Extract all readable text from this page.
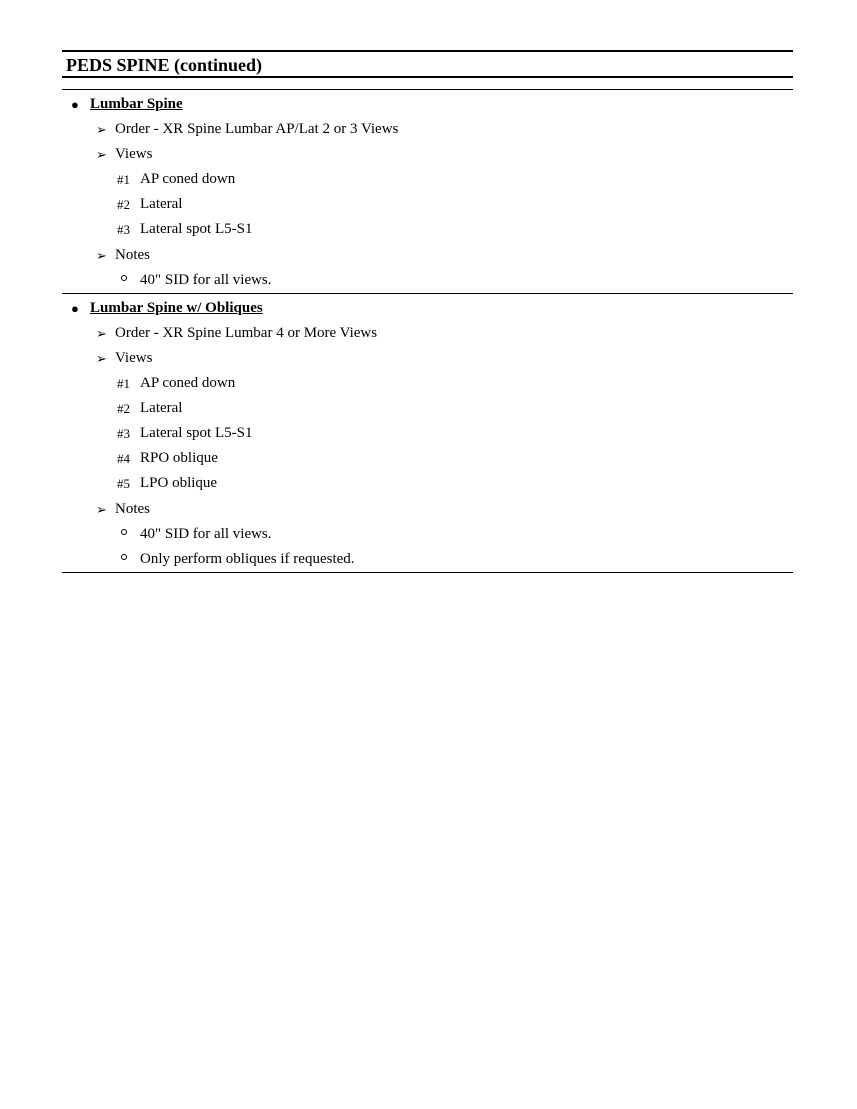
PEDS SPINE (continued)
● Lumbar Spine
➢ Order - XR Spine Lumbar AP/Lat 2 or 3 Views
➢ Views
#1 AP coned down
#2 Lateral
#3 Lateral spot L5-S1
➢ Notes
40" SID for all views.
● Lumbar Spine w/ Obliques
➢ Order - XR Spine Lumbar 4 or More Views
➢ Views
#1 AP coned down
#2 Lateral
#3 Lateral spot L5-S1
#4 RPO oblique
#5 LPO oblique
➢ Notes
40" SID for all views.
Only perform obliques if requested.
